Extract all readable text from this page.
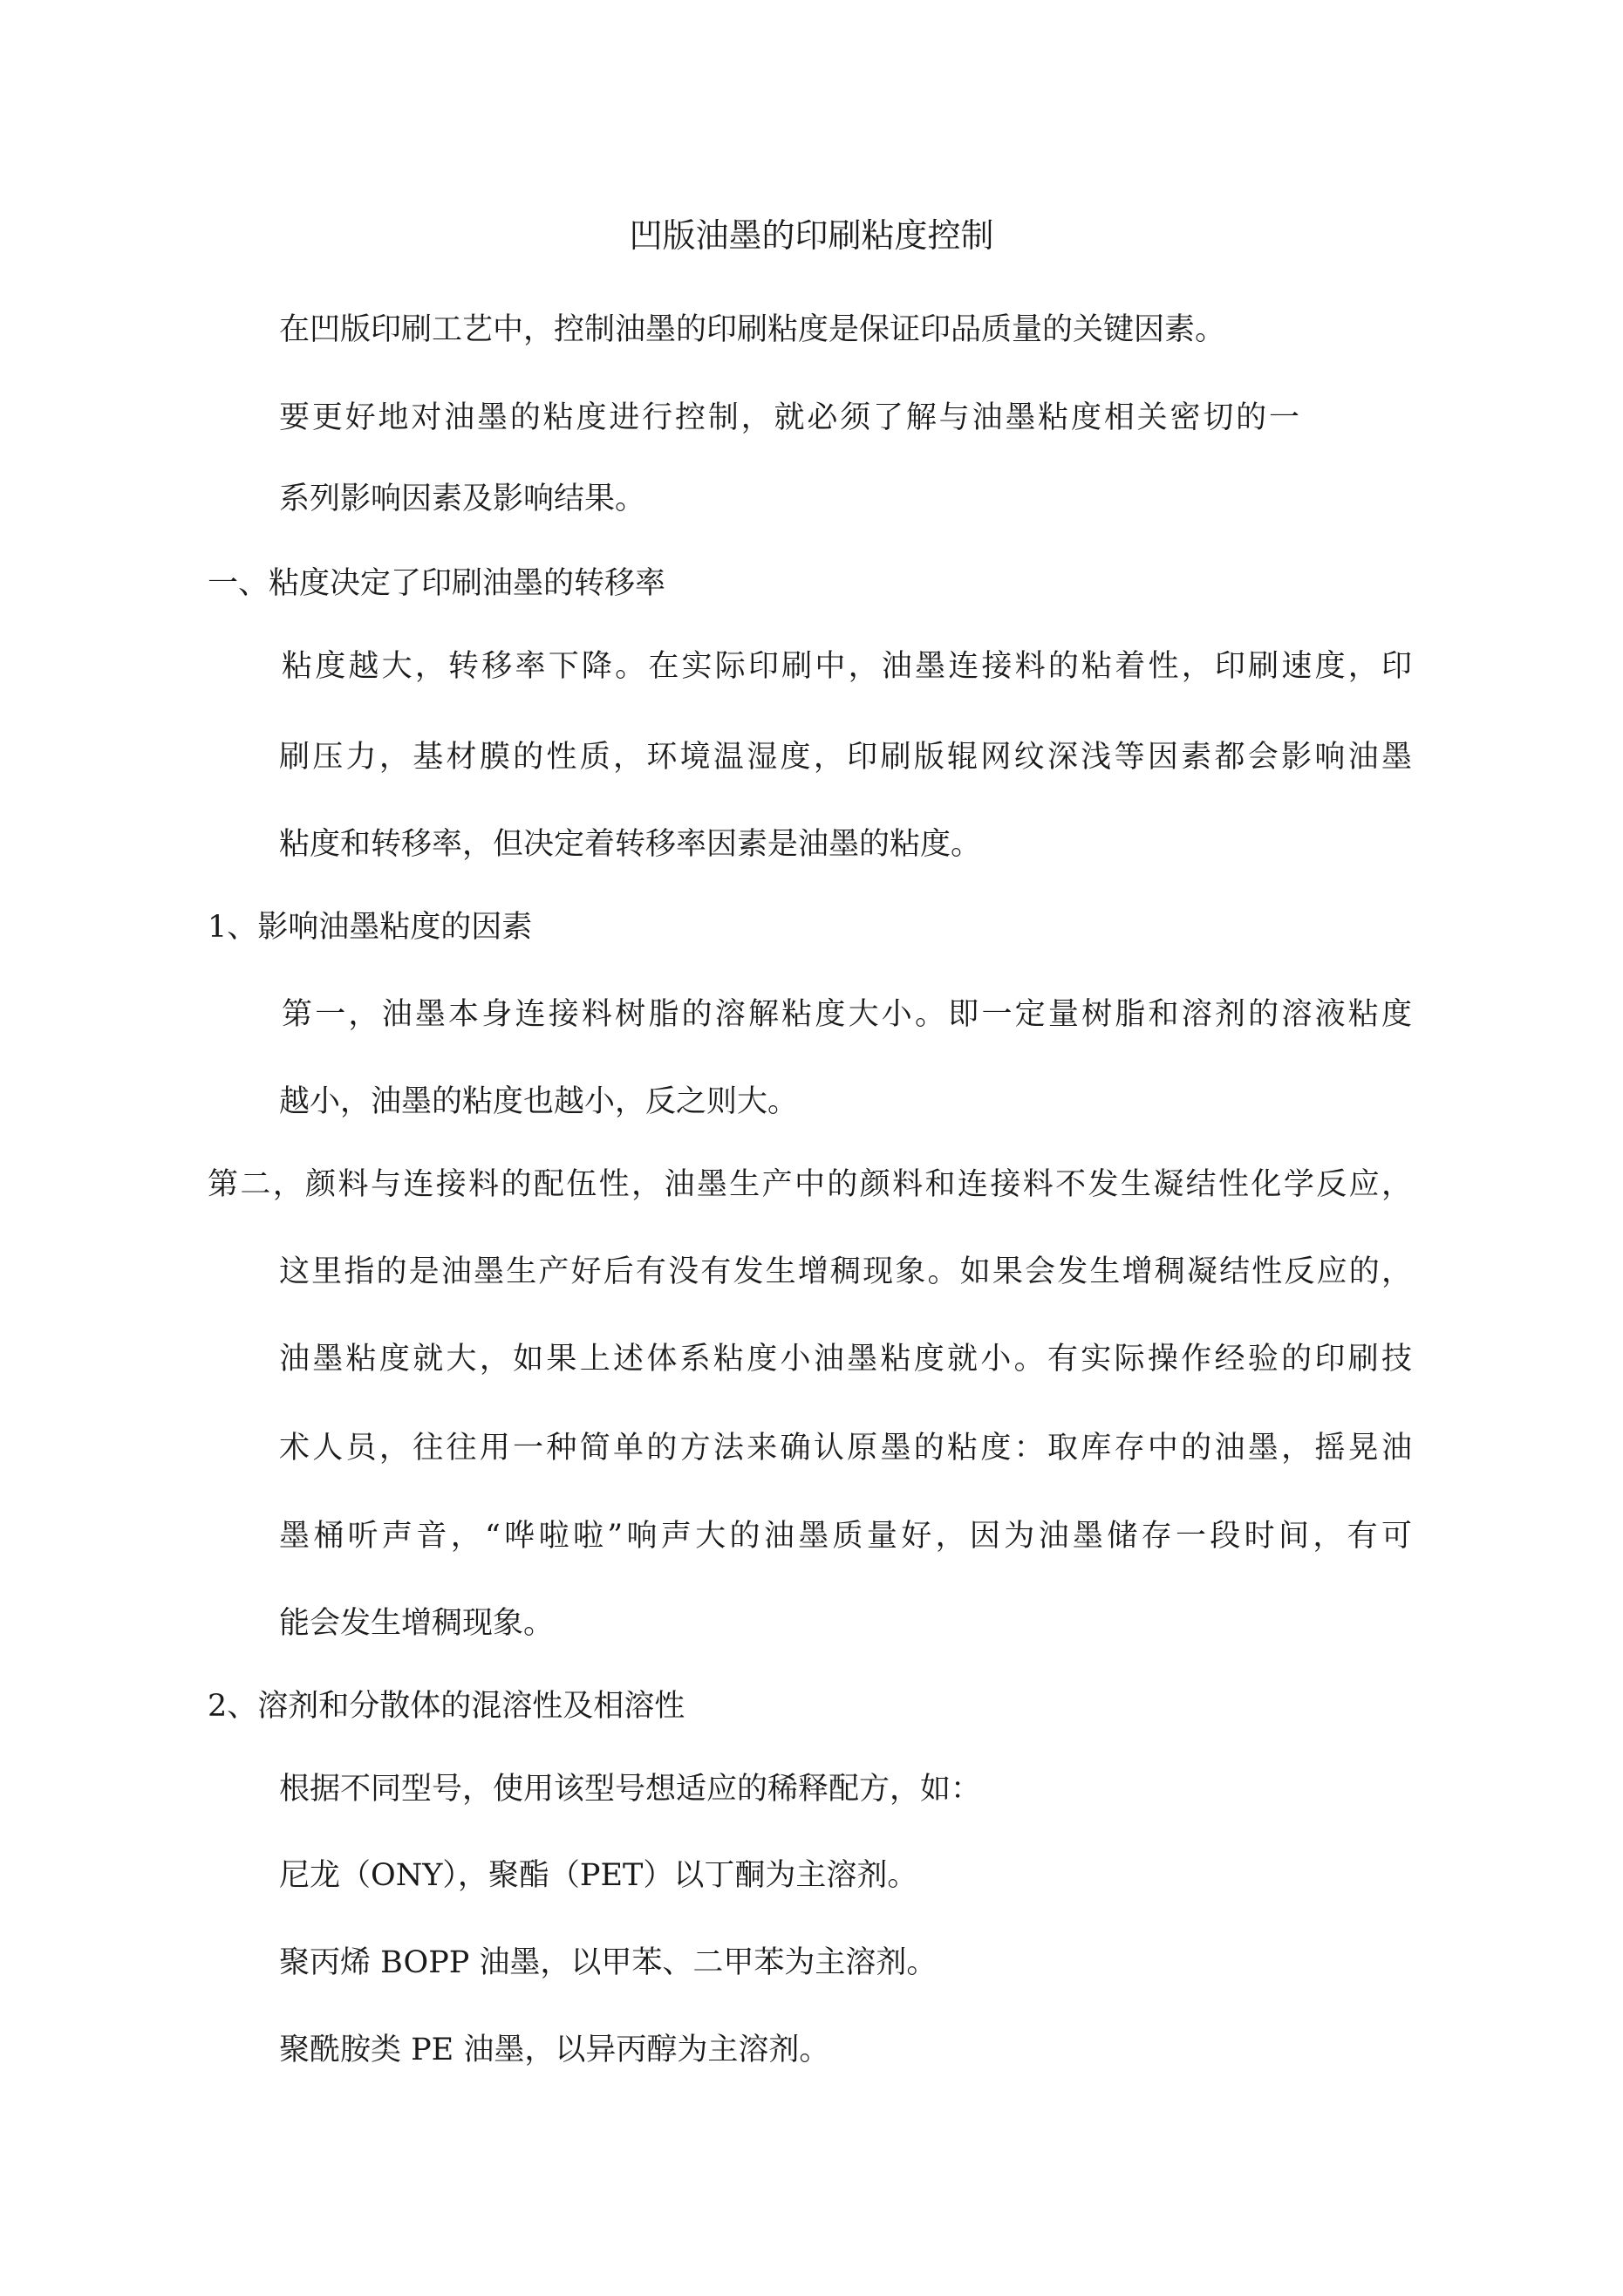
凹版油墨的印刷粘度控制
在凹版印刷工艺中，控制油墨的印刷粘度是保证印品质量的关键因素。
要更好地对油墨的粘度进行控制，就必须了解与油墨粘度相关密切的一
系列影响因素及影响结果。
一、粘度决定了印刷油墨的转移率
粘度越大，转移率下降。在实际印刷中，油墨连接料的粘着性，印刷速度，印
刷压力，基材膜的性质，环境温湿度，印刷版辊网纹深浅等因素都会影响油墨
粘度和转移率，但决定着转移率因素是油墨的粘度。
1、影响油墨粘度的因素
第一，油墨本身连接料树脂的溶解粘度大小。即一定量树脂和溶剂的溶液粘度
越小，油墨的粘度也越小，反之则大。
第二，颜料与连接料的配伍性，油墨生产中的颜料和连接料不发生凝结性化学反应，
这里指的是油墨生产好后有没有发生增稠现象。如果会发生增稠凝结性反应的，
油墨粘度就大，如果上述体系粘度小油墨粘度就小。有实际操作经验的印刷技
术人员，往往用一种简单的方法来确认原墨的粘度：取库存中的油墨，摇晃油
墨桶听声音，“哗啦啦”响声大的油墨质量好，因为油墨储存一段时间，有可
能会发生增稠现象。
2、溶剂和分散体的混溶性及相溶性
根据不同型号，使用该型号想适应的稀释配方，如：
尼龙（ONY），聚酯（PET）以丁酮为主溶剂。
聚丙烯 BOPP 油墨，以甲苯、二甲苯为主溶剂。
聚酰胺类 PE 油墨，以异丙醇为主溶剂。
